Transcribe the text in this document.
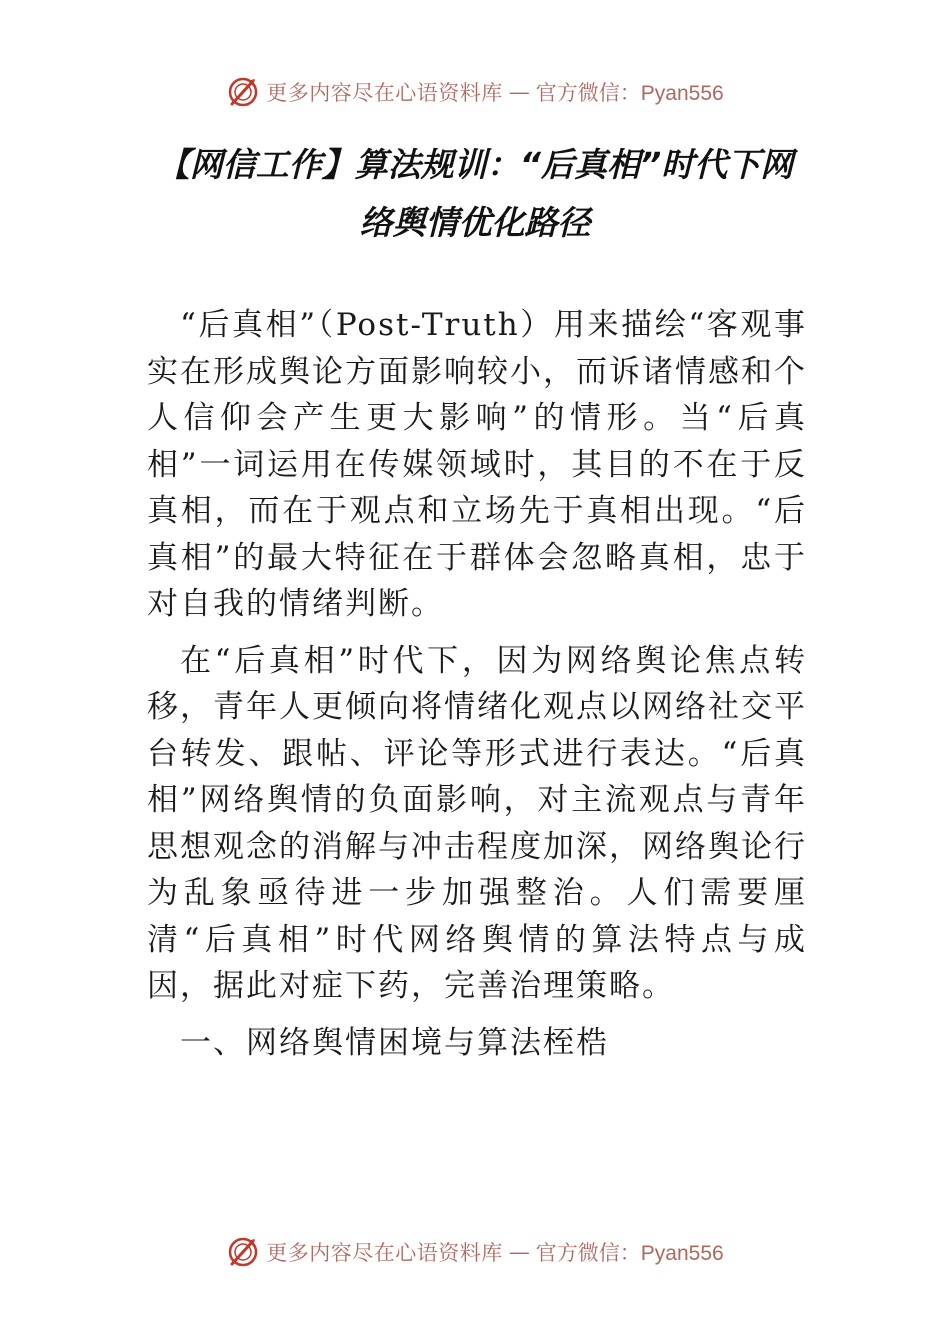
更多内容尽在心语资料库 — 官方微信：Pyan556
【网信工作】算法规训：“后真相”时代下网
络舆情优化路径

“后真相”（Post-Truth）用来描绘“客观事实在形成舆论方面影响较小，而诉诸情感和个人信仰会产生更大影响”的情形。当“后真相”一词运用在传媒领域时，其目的不在于反真相，而在于观点和立场先于真相出现。“后真相”的最大特征在于群体会忽略真相，忠于对自我的情绪判断。

在“后真相”时代下，因为网络舆论焦点转移，青年人更倾向将情绪化观点以网络社交平台转发、跟帖、评论等形式进行表达。“后真相”网络舆情的负面影响，对主流观点与青年思想观念的消解与冲击程度加深，网络舆论行为乱象亟待进一步加强整治。人们需要厘清“后真相”时代网络舆情的算法特点与成因，据此对症下药，完善治理策略。

一、网络舆情困境与算法桎梏

更多内容尽在心语资料库 — 官方微信：Pyan556
